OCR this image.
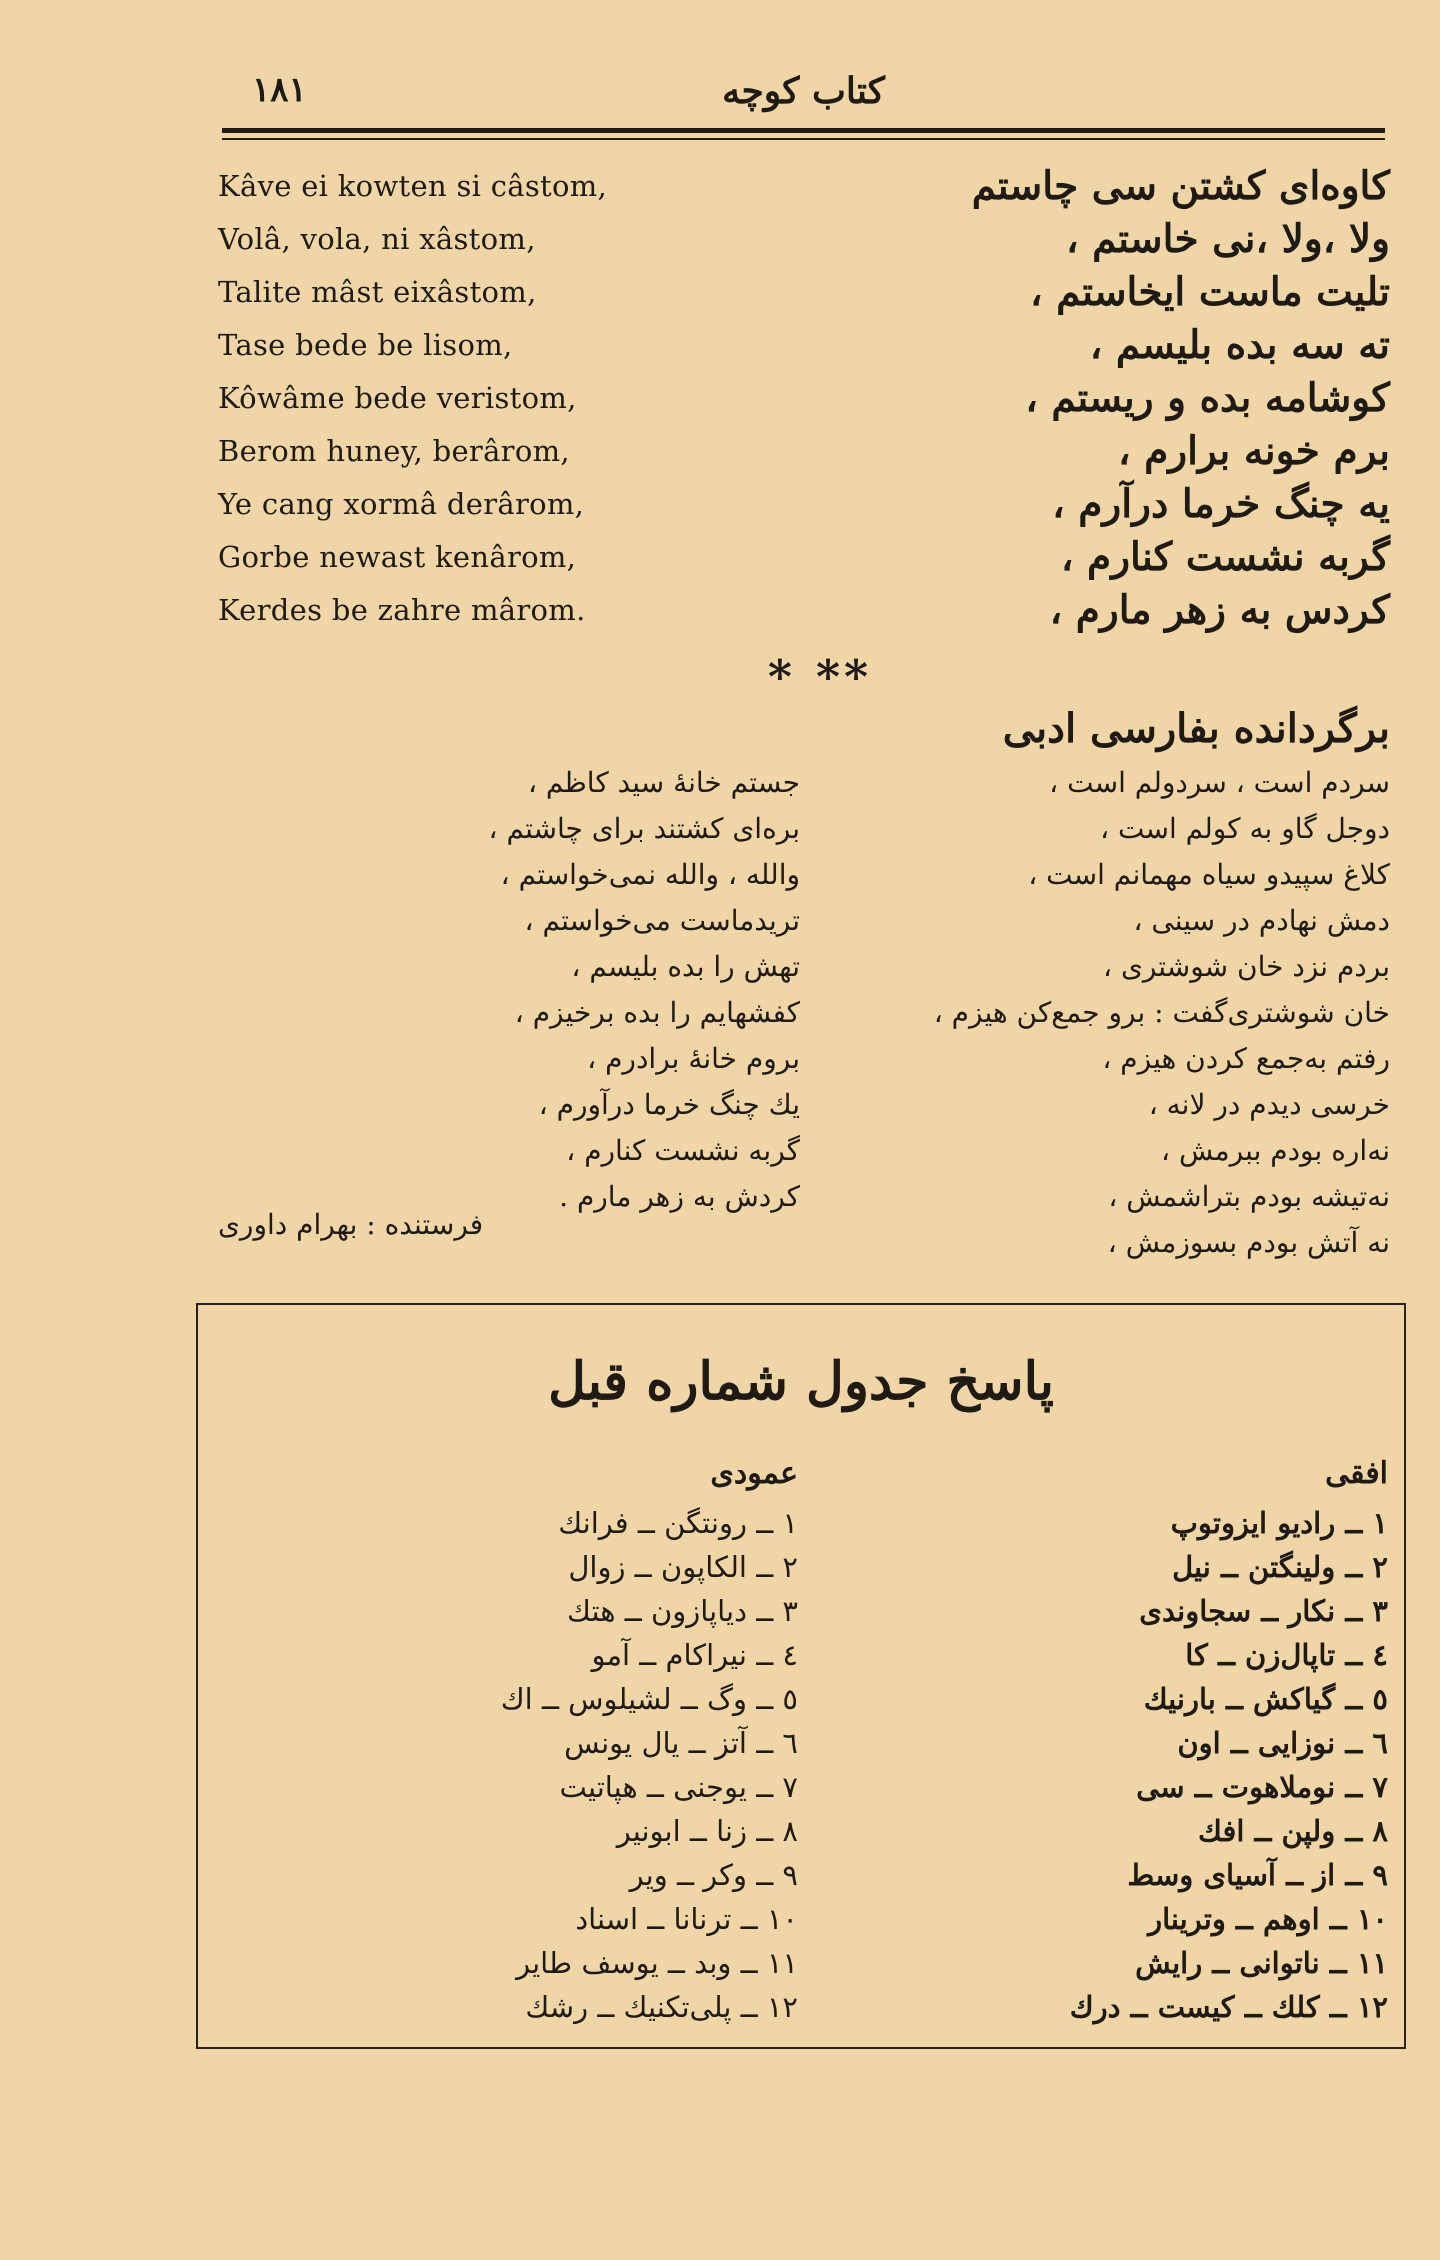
۱۸۱	کتاب کوچه
Kâve ei kowten si câstom,
Volâ, vola, ni xâstom,
Talite mâst eixâstom,
Tase bede be lisom,
Kôwâme bede veristom,
Berom huney, berârom,
Ye cang xormâ derârom,
Gorbe newast kenârom,
Kerdes be zahre mârom.
کاوه‌ای کشتن سی چاستم
ولا ،ولا ،نی خاستم ،
تلیت ماست ایخاستم ،
ته سه بده بلیسم ،
کوشامه بده و ریستم ،
برم خونه برارم ،
یه چنگ خرما درآرم ،
گربه نشست کنارم ،
کردس به زهر مارم ،
* **
برگردانده بفارسی ادبی
سردم است ، سردولم است ،
دوجل گاو به کولم است ،
کلاغ سپیدو سیاه مهمانم است ،
دمش نهادم در سینی ،
بردم نزد خان شوشتری ،
خان شوشتری‌گفت : برو جمع‌کن هیزم ،
رفتم به‌جمع کردن هیزم ،
خرسی دیدم در لانه ،
نه‌اره بودم ببرمش ،
نه‌تیشه بودم بتراشمش ،
نه آتش بودم بسوزمش ،
جستم خانهٔ سید کاظم ،
بره‌ای کشتند برای چاشتم ،
والله ، والله نمی‌خواستم ،
تریدماست می‌خواستم ،
تهش را بده بلیسم ،
کفشهایم را بده برخیزم ،
بروم خانهٔ برادرم ،
یك چنگ خرما درآورم ،
گربه نشست کنارم ،
کردش به زهر مارم .
فرستنده : بهرام داوری
پاسخ جدول شماره قبل
افقی
۱ ــ رادیو ایزوتوپ
۲ ــ ولینگتن ــ نیل
۳ ــ نکار ــ سجاوندی
٤ ــ تاپال‌زن ــ کا
٥ ــ گیاکش ــ بارنیك
٦ ــ نوزایی ــ اون
۷ ــ نوملاهوت ــ سی
۸ ــ ولپن ــ افك
۹ ــ از ــ آسیای وسط
۱۰ ــ اوهم ــ وترینار
۱۱ ــ ناتوانی ــ رایش
۱۲ ــ کلك ــ کیست ــ درك
عمودی
۱ ــ رونتگن ــ فرانك
۲ ــ الکاپون ــ زوال
۳ ــ دیاپازون ــ هتك
٤ ــ نیراکام ــ آمو
٥ ــ وگ ــ لشیلوس ــ اك
٦ ــ آتز ــ یال یونس
۷ ــ یوجنی ــ هپاتیت
۸ ــ زنا ــ ابونیر
۹ ــ وکر ــ ویر
۱۰ ــ ترنانا ــ اسناد
۱۱ ــ وبد ــ یوسف طایر
۱۲ ــ پلی‌تکنیك ــ رشك
